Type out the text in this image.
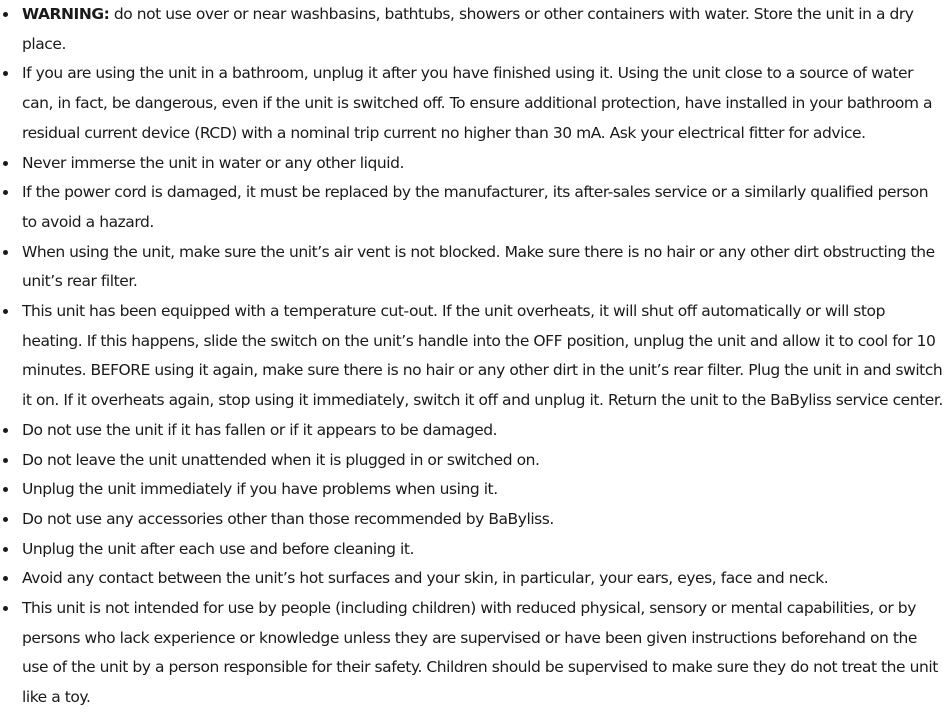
WARNING: do not use over or near washbasins, bathtubs, showers or other containers with water. Store the unit in a dry place.
If you are using the unit in a bathroom, unplug it after you have finished using it. Using the unit close to a source of water can, in fact, be dangerous, even if the unit is switched off. To ensure additional protection, have installed in your bathroom a residual current device (RCD) with a nominal trip current no higher than 30 mA. Ask your electrical fitter for advice.
Never immerse the unit in water or any other liquid.
If the power cord is damaged, it must be replaced by the manufacturer, its after-sales service or a similarly qualified person to avoid a hazard.
When using the unit, make sure the unit’s air vent is not blocked. Make sure there is no hair or any other dirt obstructing the unit’s rear filter.
This unit has been equipped with a temperature cut-out. If the unit overheats, it will shut off automatically or will stop heating. If this happens, slide the switch on the unit’s handle into the OFF position, unplug the unit and allow it to cool for 10 minutes. BEFORE using it again, make sure there is no hair or any other dirt in the unit’s rear filter. Plug the unit in and switch it on. If it overheats again, stop using it immediately, switch it off and unplug it. Return the unit to the BaByliss service center.
Do not use the unit if it has fallen or if it appears to be damaged.
Do not leave the unit unattended when it is plugged in or switched on.
Unplug the unit immediately if you have problems when using it.
Do not use any accessories other than those recommended by BaByliss.
Unplug the unit after each use and before cleaning it.
Avoid any contact between the unit’s hot surfaces and your skin, in particular, your ears, eyes, face and neck.
This unit is not intended for use by people (including children) with reduced physical, sensory or mental capabilities, or by persons who lack experience or knowledge unless they are supervised or have been given instructions beforehand on the use of the unit by a person responsible for their safety. Children should be supervised to make sure they do not treat the unit like a toy.
